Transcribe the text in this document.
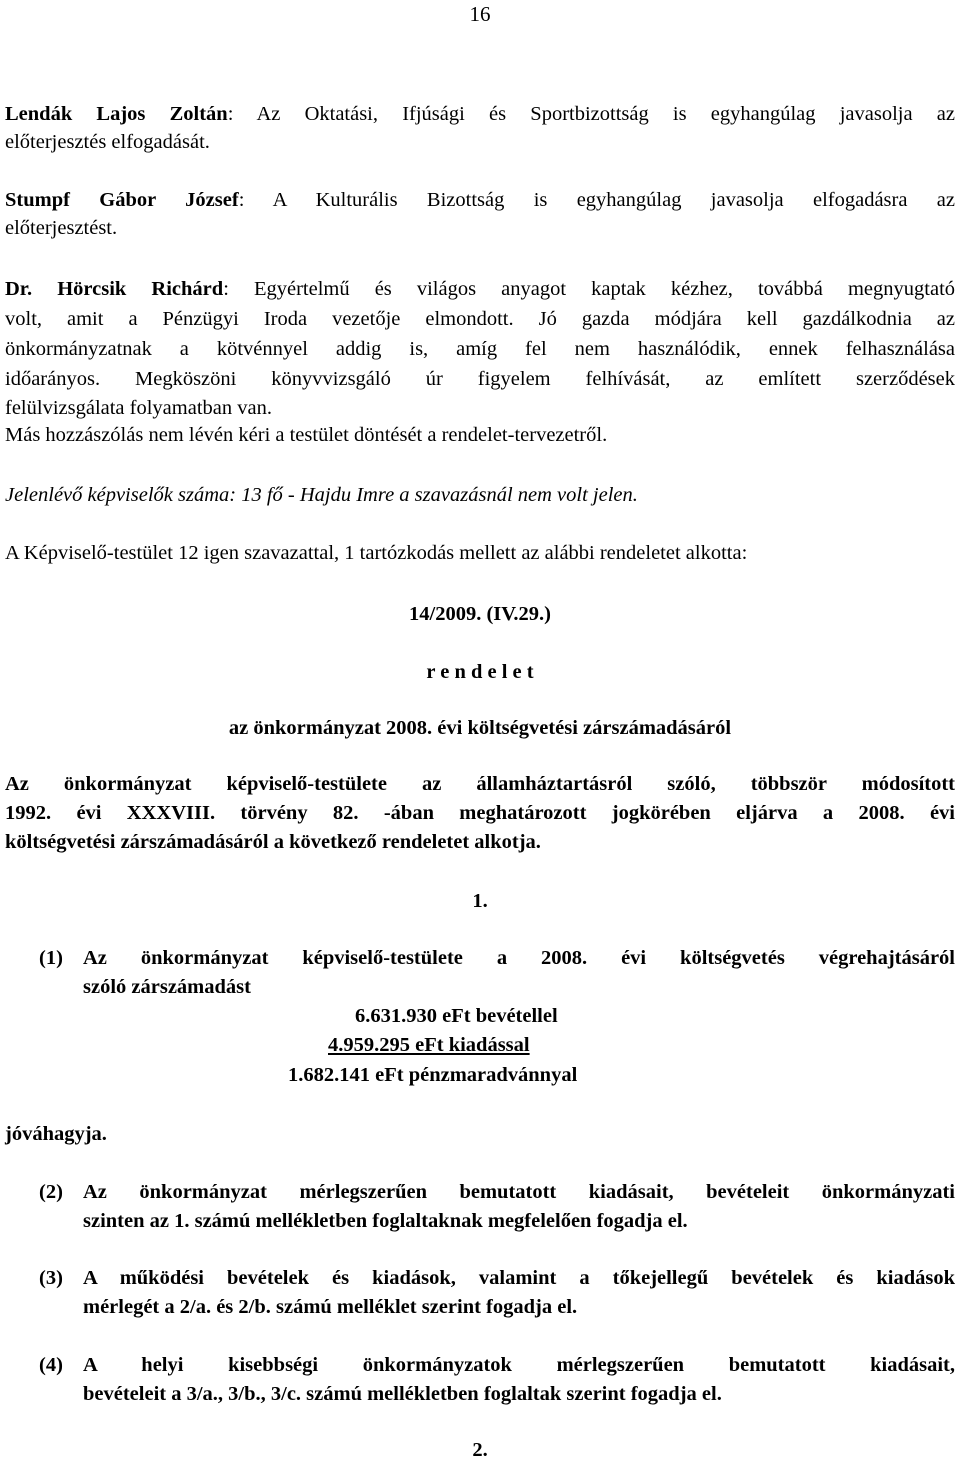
16
Lendák Lajos Zoltán: Az Oktatási, Ifjúsági és Sportbizottság is egyhangúlag javasolja az
előterjesztés elfogadását.
Stumpf Gábor József: A Kulturális Bizottság is egyhangúlag javasolja elfogadásra az
előterjesztést.
Dr. Hörcsik Richárd: Egyértelmű és világos anyagot kaptak kézhez, továbbá megnyugtató
volt, amit a Pénzügyi Iroda vezetője elmondott. Jó gazda módjára kell gazdálkodnia az
önkormányzatnak a kötvénnyel addig is, amíg fel nem használódik, ennek felhasználása
időarányos. Megköszöni könyvvizsgáló úr figyelem felhívását, az említett szerződések
felülvizsgálata folyamatban van.
Más hozzászólás nem lévén kéri a testület döntését a rendelet-tervezetről.
Jelenlévő képviselők száma: 13 fő - Hajdu Imre a szavazásnál nem volt jelen.
A Képviselő-testület 12 igen szavazattal, 1 tartózkodás mellett az alábbi rendeletet alkotta:
14/2009. (IV.29.)
r e n d e l e t
az önkormányzat 2008. évi költségvetési zárszámadásáról
Az önkormányzat képviselő-testülete az államháztartásról szóló, többször módosított
1992. évi XXXVIII. törvény 82. -ában meghatározott jogkörében eljárva a 2008. évi
költségvetési zárszámadásáról a következő rendeletet alkotja.
1.
(1) Az önkormányzat képviselő-testülete a 2008. évi költségvetés végrehajtásáról
szóló zárszámadást
6.631.930 eFt bevétellel
4.959.295 eFt kiadással
1.682.141 eFt pénzmaradvánnyal
jóváhagyja.
(2) Az önkormányzat mérlegszerűen bemutatott kiadásait, bevételeit önkormányzati
szinten az 1. számú mellékletben foglaltaknak megfelelően fogadja el.
(3) A működési bevételek és kiadások, valamint a tőkejellegű bevételek és kiadások
mérlegét a 2/a. és 2/b. számú melléklet szerint fogadja el.
(4) A helyi kisebbségi önkormányzatok mérlegszerűen bemutatott kiadásait,
bevételeit a 3/a., 3/b., 3/c. számú mellékletben foglaltak szerint fogadja el.
2.
